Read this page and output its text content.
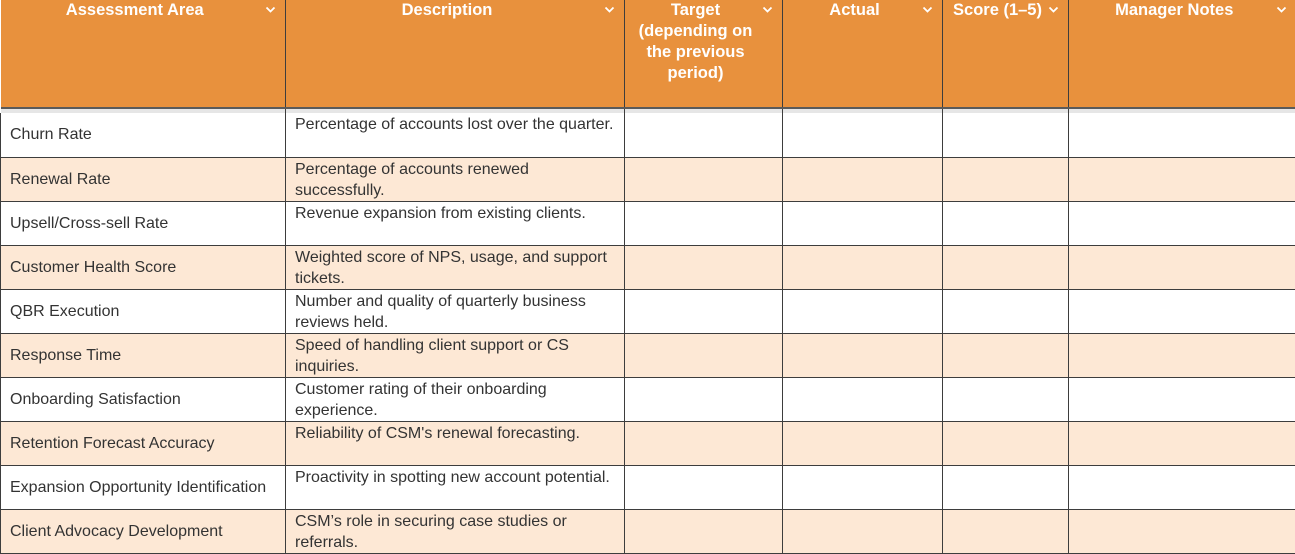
Assessment Area	Description	Target (depending on the previous period)	Actual	Score (1–5)	Manager Notes

Churn Rate	Percentage of accounts lost over the quarter.				
Renewal Rate	Percentage of accounts renewed successfully.				
Upsell/Cross-sell Rate	Revenue expansion from existing clients.				
Customer Health Score	Weighted score of NPS, usage, and support tickets.				
QBR Execution	Number and quality of quarterly business reviews held.				
Response Time	Speed of handling client support or CS inquiries.				
Onboarding Satisfaction	Customer rating of their onboarding experience.				
Retention Forecast Accuracy	Reliability of CSM's renewal forecasting.				
Expansion Opportunity Identification	Proactivity in spotting new account potential.				
Client Advocacy Development	CSM’s role in securing case studies or referrals.				
